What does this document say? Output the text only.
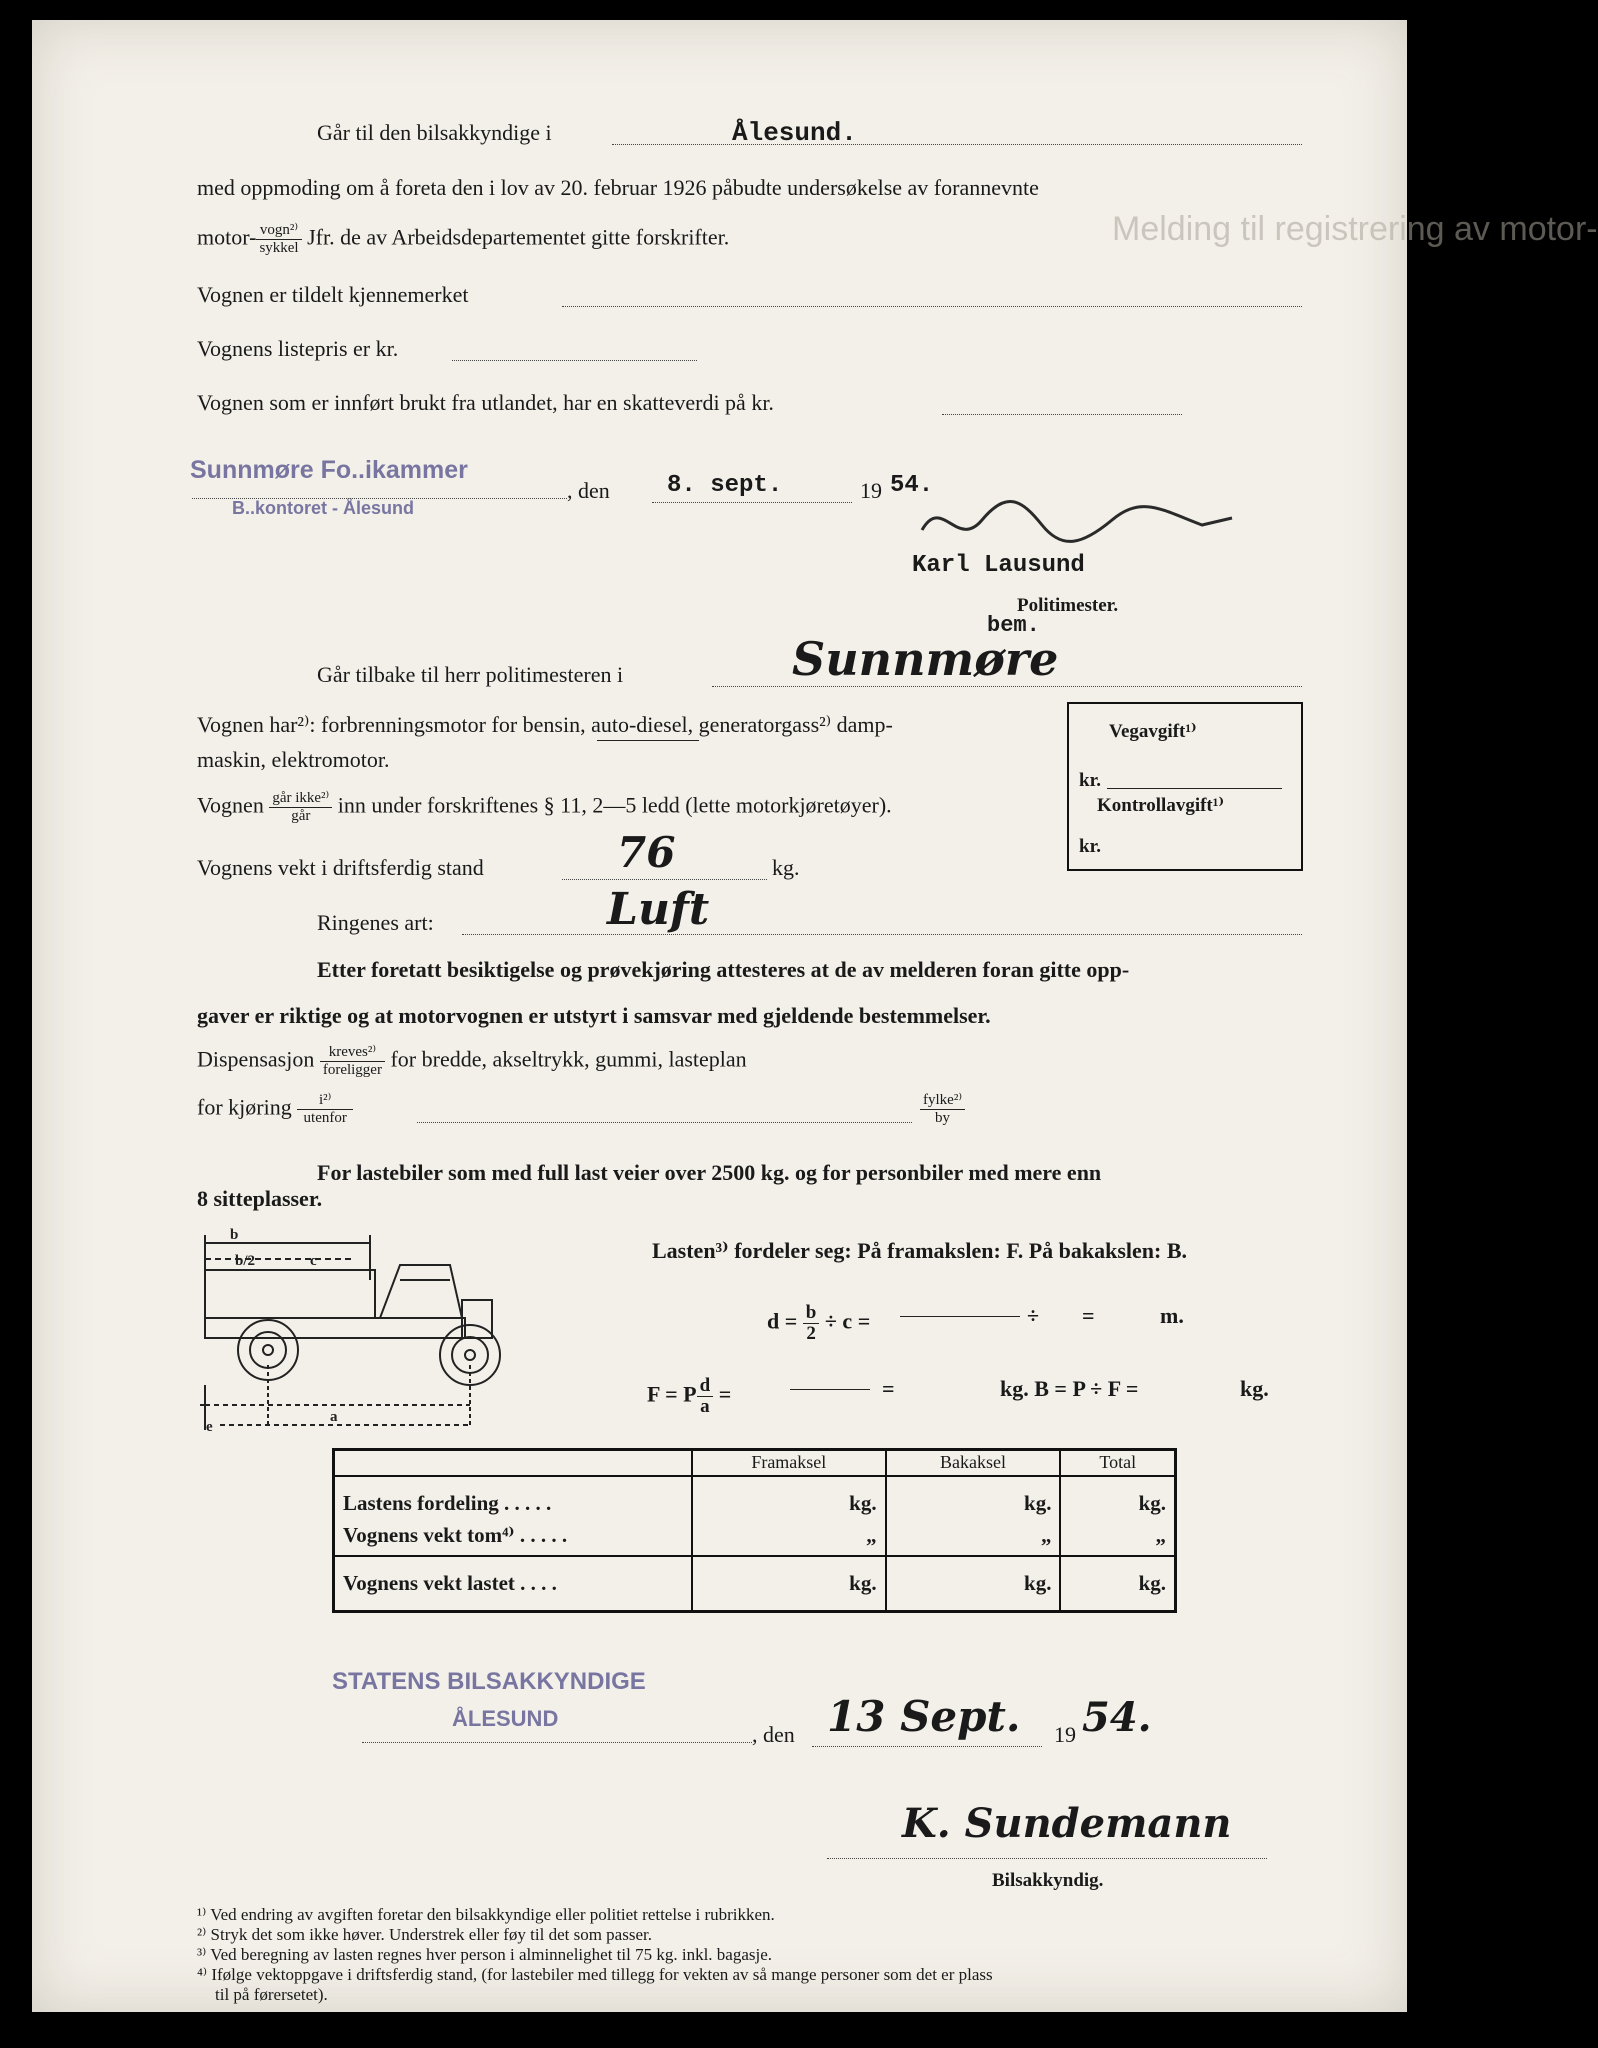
Melding til registrering av motor-
Går til den bilsakkyndige i	Ålesund.
med oppmoding om å foreta den i lov av 20. februar 1926 påbudte undersøkelse av forannevnte
motor- $\frac{\text{vogn²⁾}}{\text{sykkel}}$ Jfr. de av Arbeidsdepartementet gitte forskrifter.
Vognen er tildelt kjennemerket
Vognens listepris er kr.
Vognen som er innført brukt fra utlandet, har en skatteverdi på kr.
Sunnmøre Fo..ikammer
B..kontoret - Ålesund
, den 8. sept.	19 54.
Karl Lausund
Politimester.
bem.
Går tilbake til herr politimesteren i	Sunnmøre
Vognen har²⁾: forbrenningsmotor for bensin, auto-diesel, generatorgass²⁾ damp-
maskin, elektromotor.
Vegavgift¹⁾
kr.
Kontrollavgift¹⁾
kr.
Vognen $\frac{\text{går ikke²⁾}}{\text{går}}$ inn under forskriftenes § 11, 2—5 ledd (lette motorkjøretøyer).
Vognens vekt i driftsferdig stand	76	kg.
Ringenes art:	Luft
Etter foretatt besiktigelse og prøvekjøring attesteres at de av melderen foran gitte opp-
gaver er riktige og at motorvognen er utstyrt i samsvar med gjeldende bestemmelser.
Dispensasjon $\frac{\text{kreves²⁾}}{\text{foreligger}}$ for bredde, akseltrykk, gummi, lasteplan
for kjøring $\frac{\text{i²⁾}}{\text{utenfor}}$	$\frac{\text{fylke²⁾}}{by}$
For lastebiler som med full last veier over 2500 kg. og for personbiler med mere enn
8 sitteplasser.
b
b/2	c
e
a
Lasten³⁾ fordeler seg: På framakslen: F. På bakakslen: B.
$d = \frac{b}{2} \div c$ =	÷ =	m.
F = P $\frac{d}{a}$ =	=	kg. B = P ÷ F =	kg.
	Framaksel	Bakaksel	Total
Lastens fordeling . . . . .	kg.	kg.	kg.
Vognens vekt tom⁴⁾ . . . . .	„	„	„
Vognens vekt lastet . . . .	kg.	kg.	kg.
STATENS BILSAKKYNDIGE
ÅLESUND
, den 13 Sept. 19 54.
K. Sundemann
Bilsakkyndig.
¹⁾ Ved endring av avgiften foretar den bilsakkyndige eller politiet rettelse i rubrikken.
²⁾ Stryk det som ikke høver. Understrek eller føy til det som passer.
³⁾ Ved beregning av lasten regnes hver person i alminnelighet til 75 kg. inkl. bagasje.
⁴⁾ Ifølge vektoppgave i driftsferdig stand, (for lastebiler med tillegg for vekten av så mange personer som det er plass
til på førersetet).
